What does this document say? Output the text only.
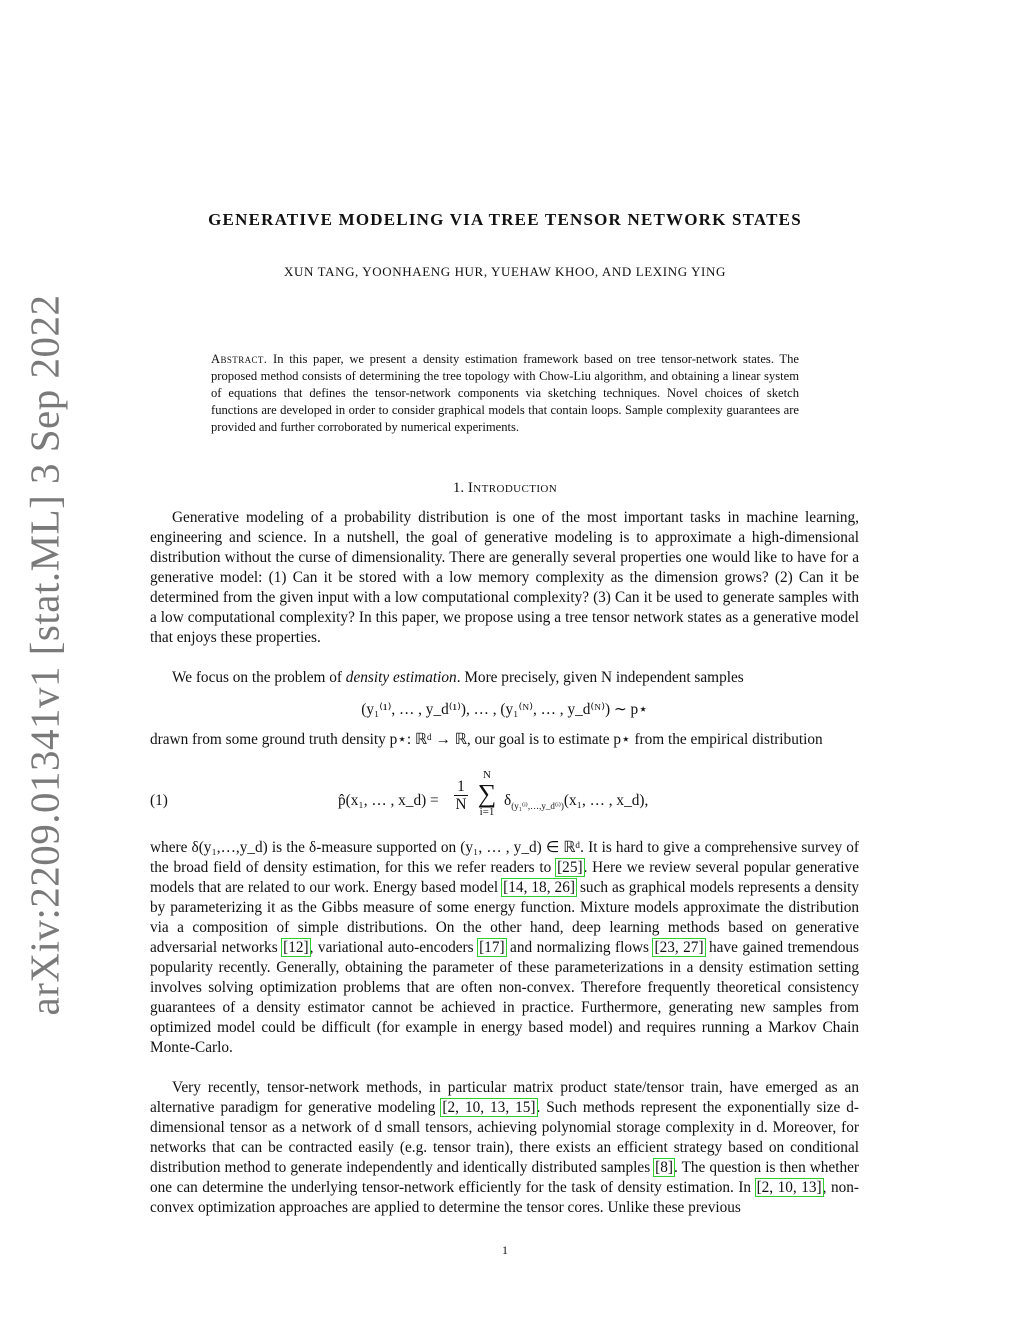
arXiv:2209.01341v1 [stat.ML] 3 Sep 2022
GENERATIVE MODELING VIA TREE TENSOR NETWORK STATES
XUN TANG, YOONHAENG HUR, YUEHAW KHOO, AND LEXING YING
Abstract. In this paper, we present a density estimation framework based on tree tensor-network states. The proposed method consists of determining the tree topology with Chow-Liu algorithm, and obtaining a linear system of equations that defines the tensor-network components via sketching techniques. Novel choices of sketch functions are developed in order to consider graphical models that contain loops. Sample complexity guarantees are provided and further corroborated by numerical experiments.
1. Introduction

Generative modeling of a probability distribution is one of the most important tasks in machine learning, engineering and science. In a nutshell, the goal of generative modeling is to approximate a high-dimensional distribution without the curse of dimensionality. There are generally several properties one would like to have for a generative model: (1) Can it be stored with a low memory complexity as the dimension grows? (2) Can it be determined from the given input with a low computational complexity? (3) Can it be used to generate samples with a low computational complexity? In this paper, we propose using a tree tensor network states as a generative model that enjoys these properties.

We focus on the problem of density estimation. More precisely, given N independent samples

(y₁⁽¹⁾, … , y_d⁽¹⁾), … , (y₁⁽ᴺ⁾, … , y_d⁽ᴺ⁾) ∼ p⋆

drawn from some ground truth density p⋆: ℝᵈ → ℝ, our goal is to estimate p⋆ from the empirical distribution

(1)	p̂(x₁, … , x_d) = $\frac{1}{N}$
N
∑
i=1
$\delta_{(y_1^{(i)},\dots,y\_d^{(i)})}(x_1$, … , x_d),

where δ(y₁,…,y_d) is the δ-measure supported on (y₁, … , y_d) ∈ ℝᵈ. It is hard to give a comprehensive survey of the broad field of density estimation, for this we refer readers to [25]. Here we review several popular generative models that are related to our work. Energy based model [14, 18, 26] such as graphical models represents a density by parameterizing it as the Gibbs measure of some energy function. Mixture models approximate the distribution via a composition of simple distributions. On the other hand, deep learning methods based on generative adversarial networks [12], variational auto-encoders [17] and normalizing flows [23, 27] have gained tremendous popularity recently. Generally, obtaining the parameter of these parameterizations in a density estimation setting involves solving optimization problems that are often non-convex. Therefore frequently theoretical consistency guarantees of a density estimator cannot be achieved in practice. Furthermore, generating new samples from optimized model could be difficult (for example in energy based model) and requires running a Markov Chain Monte-Carlo.

Very recently, tensor-network methods, in particular matrix product state/tensor train, have emerged as an alternative paradigm for generative modeling [2, 10, 13, 15]. Such methods represent the exponentially size d-dimensional tensor as a network of d small tensors, achieving polynomial storage complexity in d. Moreover, for networks that can be contracted easily (e.g. tensor train), there exists an efficient strategy based on conditional distribution method to generate independently and identically distributed samples [8]. The question is then whether one can determine the underlying tensor-network efficiently for the task of density estimation. In [2, 10, 13], non-convex optimization approaches are applied to determine the tensor cores. Unlike these previous

1
